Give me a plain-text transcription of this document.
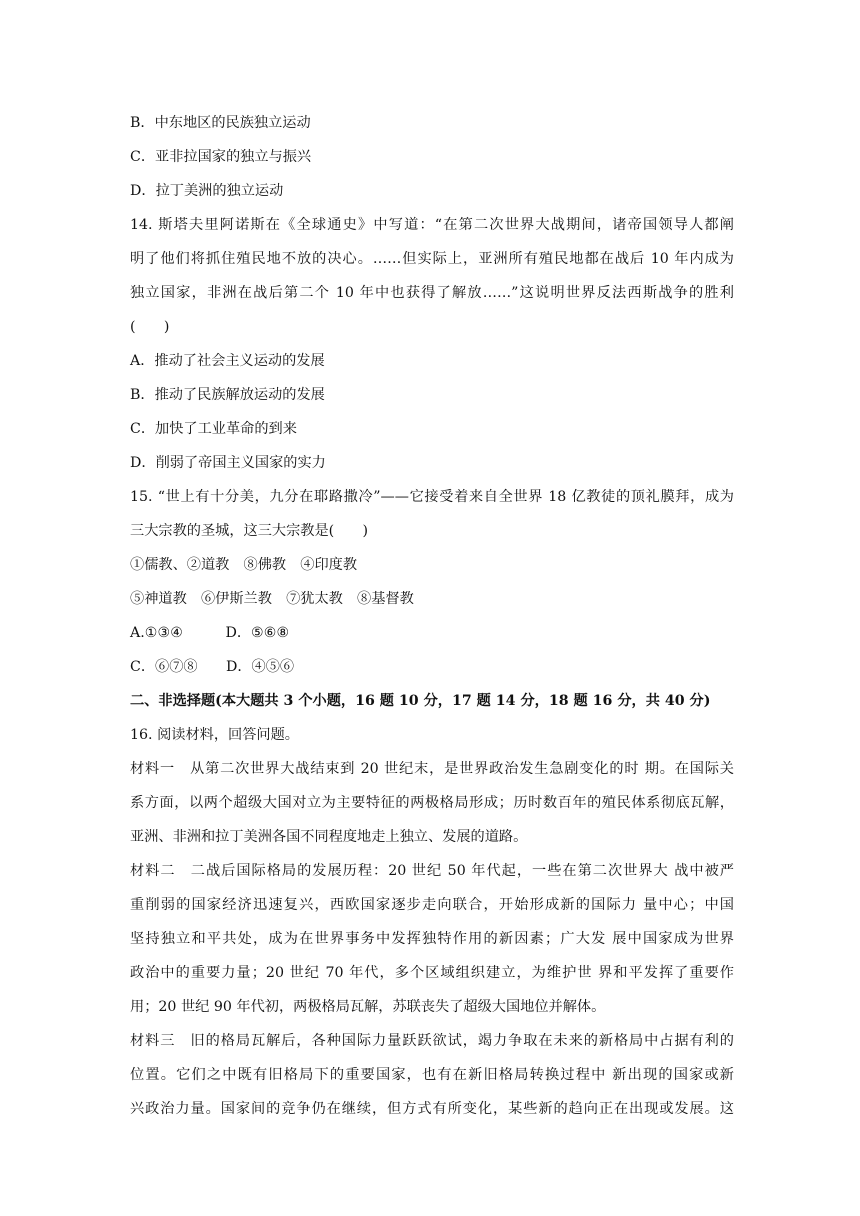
B．中东地区的民族独立运动
C．亚非拉国家的独立与振兴
D．拉丁美洲的独立运动
14. 斯塔夫里阿诺斯在《全球通史》中写道：“在第二次世界大战期间，诸帝国领导人都阐
明了他们将抓住殖民地不放的决心。……但实际上，亚洲所有殖民地都在战后 10 年内成为
独立国家，非洲在战后第二个 10 年中也获得了解放……”这说明世界反法西斯战争的胜利
(　　)
A．推动了社会主义运动的发展
B．推动了民族解放运动的发展
C．加快了工业革命的到来
D．削弱了帝国主义国家的实力
15. “世上有十分美，九分在耶路撒冷”——它接受着来自全世界 18 亿教徒的顶礼膜拜，成为
三大宗教的圣城，这三大宗教是(　　)
①儒教、②道教　⑧佛教　④印度教
⑤神道教　⑥伊斯兰教　⑦犹太教　⑧基督教
A.①③④　　　D．⑤⑥⑧
C．⑥⑦⑧　　D．④⑤⑥
二、非选择题(本大题共 3 个小题，16 题 10 分，17 题 14 分，18 题 16 分，共 40 分)
16. 阅读材料，回答问题。
材料一　从第二次世界大战结束到 20 世纪末，是世界政治发生急剧变化的时 期。在国际关
系方面，以两个超级大国对立为主要特征的两极格局形成；历时数百年的殖民体系彻底瓦解，
亚洲、非洲和拉丁美洲各国不同程度地走上独立、发展的道路。
材料二　二战后国际格局的发展历程：20 世纪 50 年代起，一些在第二次世界大 战中被严
重削弱的国家经济迅速复兴，西欧国家逐步走向联合，开始形成新的国际力 量中心；中国
坚持独立和平共处，成为在世界事务中发挥独特作用的新因素；广大发 展中国家成为世界
政治中的重要力量；20 世纪 70 年代，多个区域组织建立，为维护世 界和平发挥了重要作
用；20 世纪 90 年代初，两极格局瓦解，苏联丧失了超级大国地位并解体。
材料三　旧的格局瓦解后，各种国际力量跃跃欲试，竭力争取在未来的新格局中占据有利的
位置。它们之中既有旧格局下的重要国家，也有在新旧格局转换过程中 新出现的国家或新
兴政治力量。国家间的竞争仍在继续，但方式有所变化，某些新的趋向正在出现或发展。这
